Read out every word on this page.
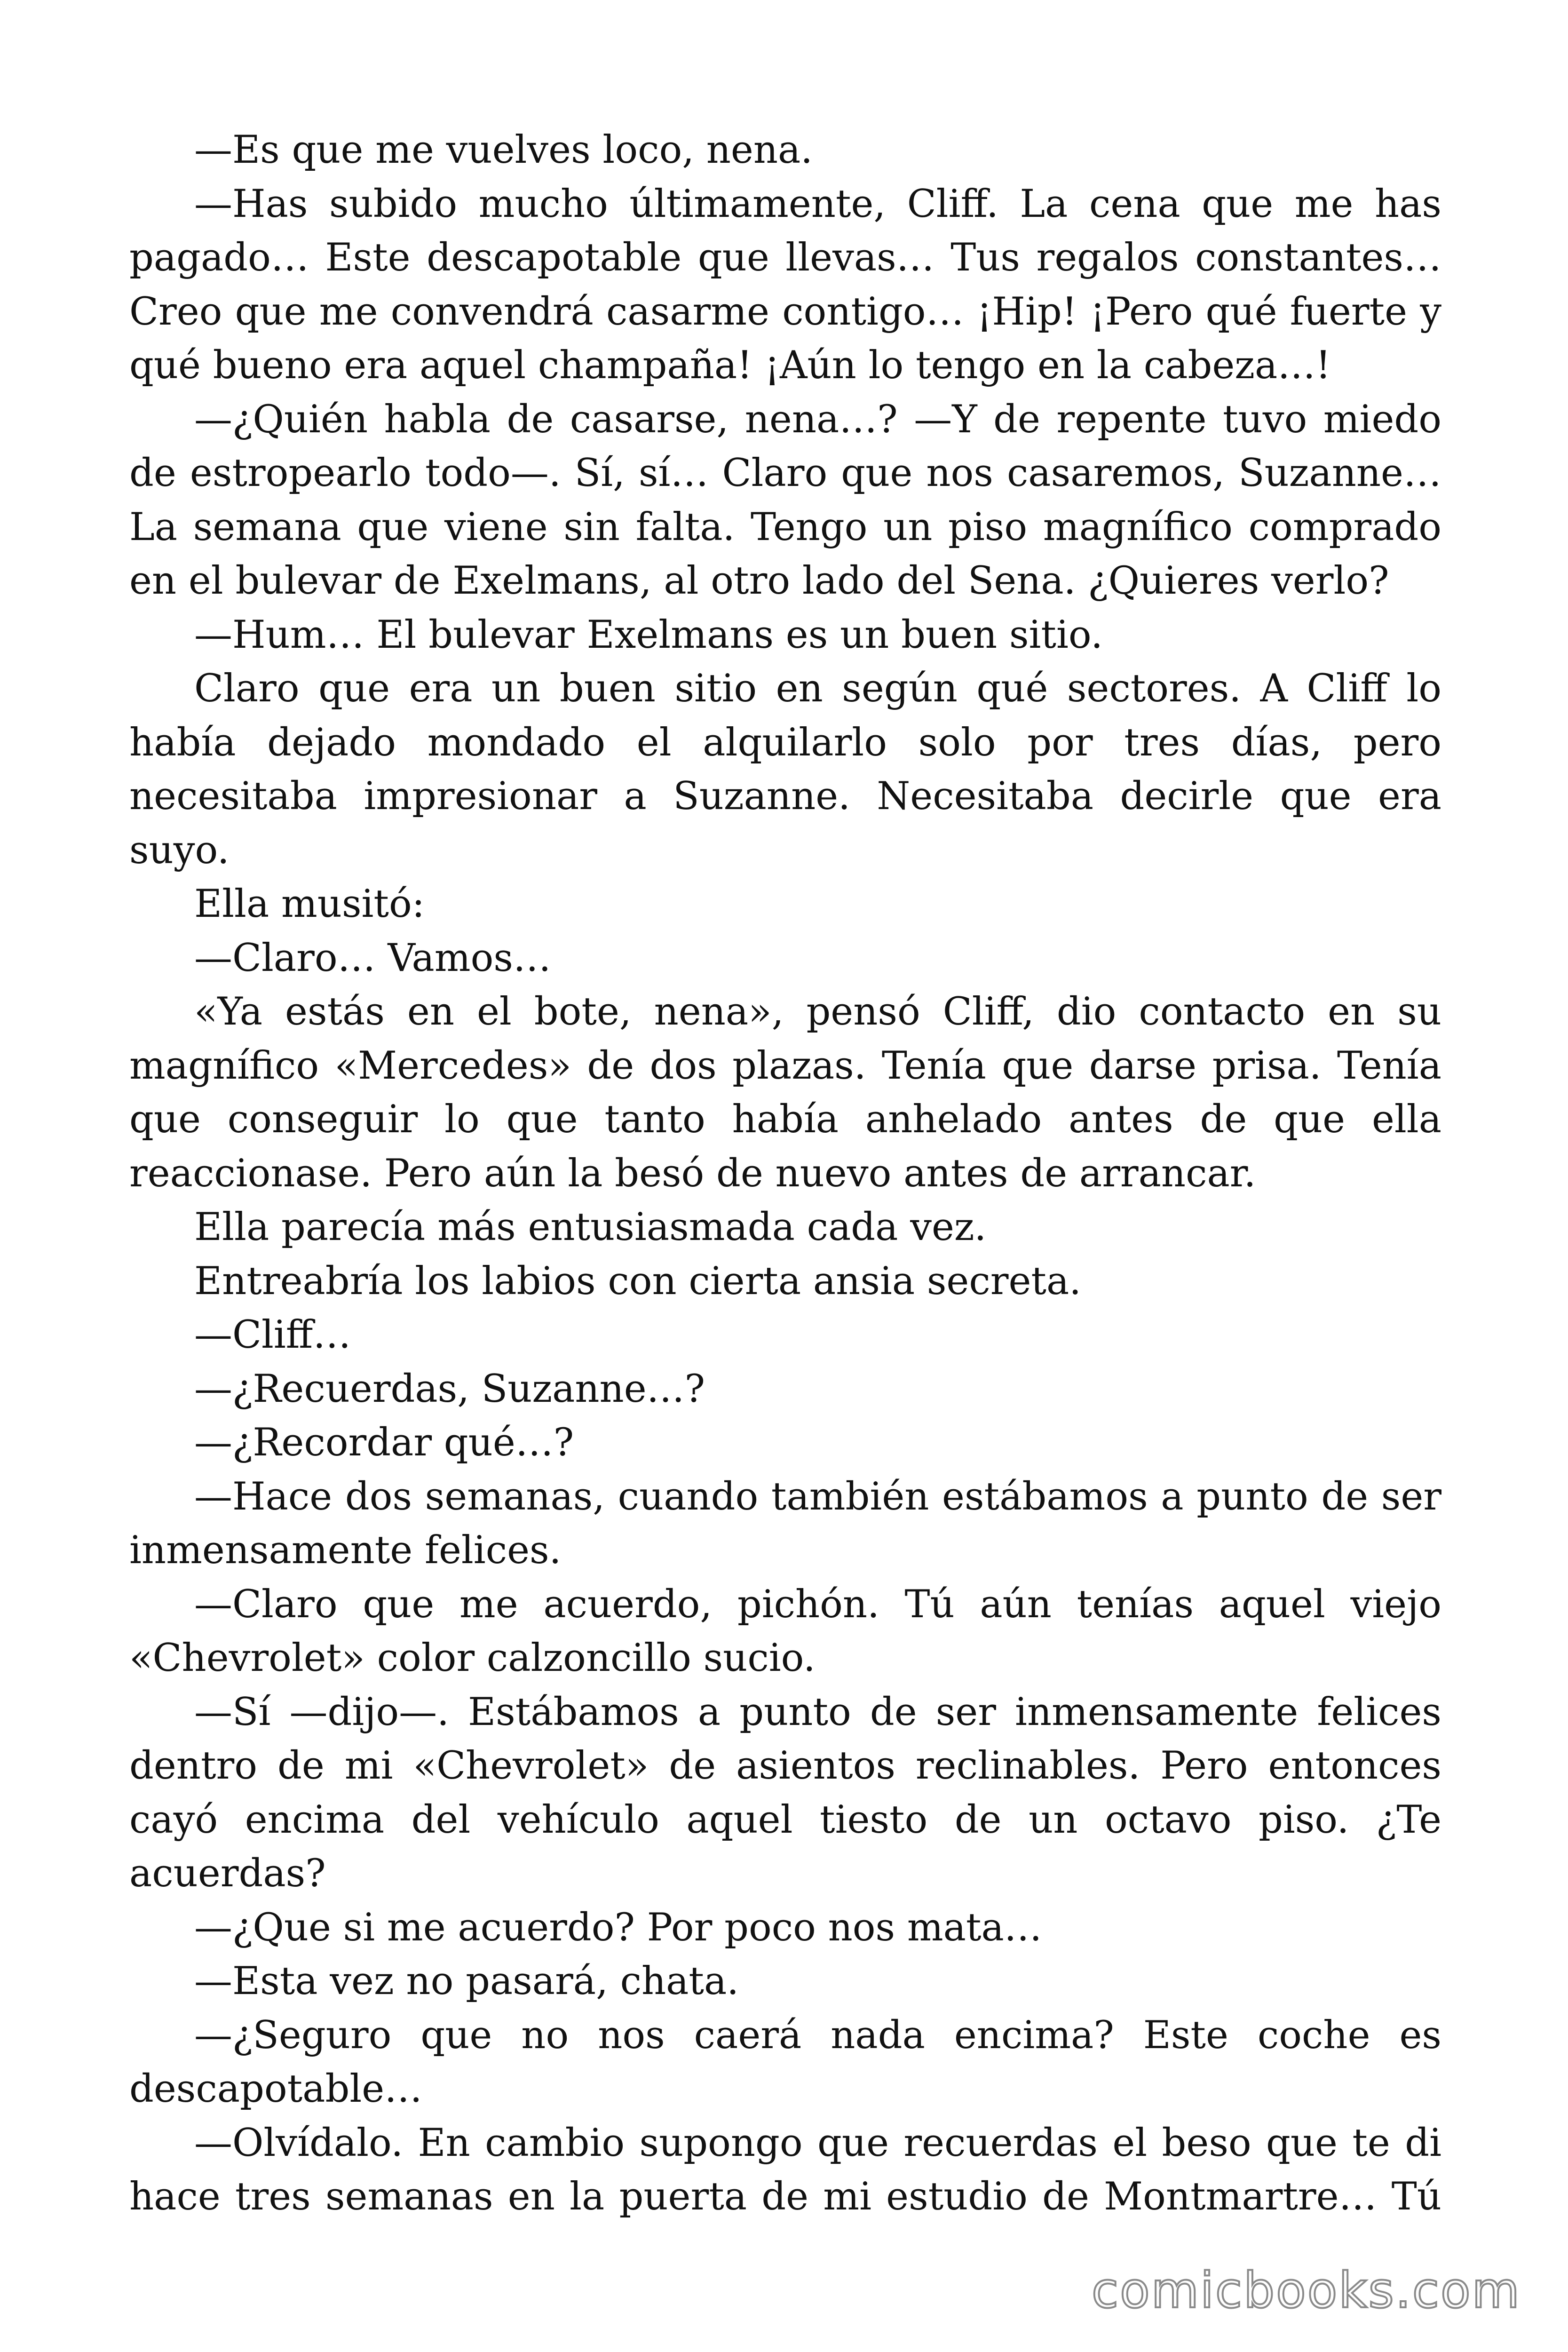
—Es que me vuelves loco, nena.

—Has subido mucho últimamente, Cliff. La cena que me has pagado… Este descapotable que llevas… Tus regalos constantes… Creo que me convendrá casarme contigo… ¡Hip! ¡Pero qué fuerte y qué bueno era aquel champaña! ¡Aún lo tengo en la cabeza…!

—¿Quién habla de casarse, nena…? —Y de repente tuvo miedo de estropearlo todo—. Sí, sí… Claro que nos casaremos, Suzanne… La semana que viene sin falta. Tengo un piso magnífico comprado en el bulevar de Exelmans, al otro lado del Sena. ¿Quieres verlo?

—Hum… El bulevar Exelmans es un buen sitio.

Claro que era un buen sitio en según qué sectores. A Cliff lo había dejado mondado el alquilarlo solo por tres días, pero necesitaba impresionar a Suzanne. Necesitaba decirle que era suyo.

Ella musitó:

—Claro… Vamos…

«Ya estás en el bote, nena», pensó Cliff, dio contacto en su magnífico «Mercedes» de dos plazas. Tenía que darse prisa. Tenía que conseguir lo que tanto había anhelado antes de que ella reaccionase. Pero aún la besó de nuevo antes de arrancar.

Ella parecía más entusiasmada cada vez.

Entreabría los labios con cierta ansia secreta.

—Cliff…

—¿Recuerdas, Suzanne…?

—¿Recordar qué…?

—Hace dos semanas, cuando también estábamos a punto de ser inmensamente felices.

—Claro que me acuerdo, pichón. Tú aún tenías aquel viejo «Chevrolet» color calzoncillo sucio.

—Sí —dijo—. Estábamos a punto de ser inmensamente felices dentro de mi «Chevrolet» de asientos reclinables. Pero entonces cayó encima del vehículo aquel tiesto de un octavo piso. ¿Te acuerdas?

—¿Que si me acuerdo? Por poco nos mata…

—Esta vez no pasará, chata.

—¿Seguro que no nos caerá nada encima? Este coche es descapotable…

—Olvídalo. En cambio supongo que recuerdas el beso que te di hace tres semanas en la puerta de mi estudio de Montmartre… Tú

comicbooks.com
